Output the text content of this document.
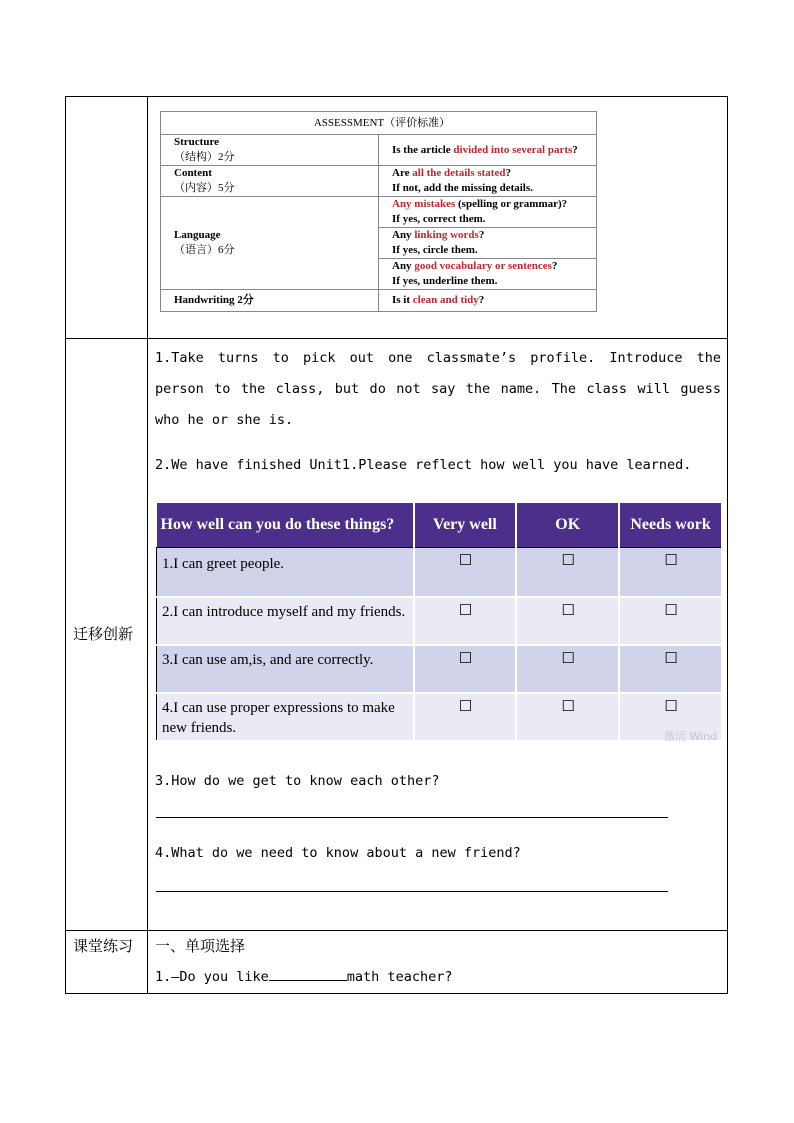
ASSESSMENT（评价标准）
Structure
（结构）2分
	Is the article divided into several parts?
Content
（内容）5分
	Are all the details stated?
If not, add the missing details.

Language
（语言）6分
	Any mistakes (spelling or grammar)?
If yes, correct them.

Any linking words?
If yes, circle them.

Any good vocabulary or sentences?
If yes, underline them.

Handwriting 2分	Is it clean and tidy?

迁移创新	

1.Take turns to pick out one classmate’s profile. Introduce the person to the class, but do not say the name. The class will guess who he or she is.

2.We have finished Unit1.Please reflect how well you have learned.

How well can you do these things?	Very well	OK	Needs work
1.I can greet people.	☐	☐	☐
2.I can introduce myself and my friends.	☐	☐	☐
3.I can use am,is, and are correctly.	☐	☐	☐
4.I can use proper expressions to make new friends.	☐	☐	☐
激活 Wind

3.How do we get to know each other?

4.What do we need to know about a new friend?

课堂练习	一、单项选择
1.—Do you like	math teacher?
